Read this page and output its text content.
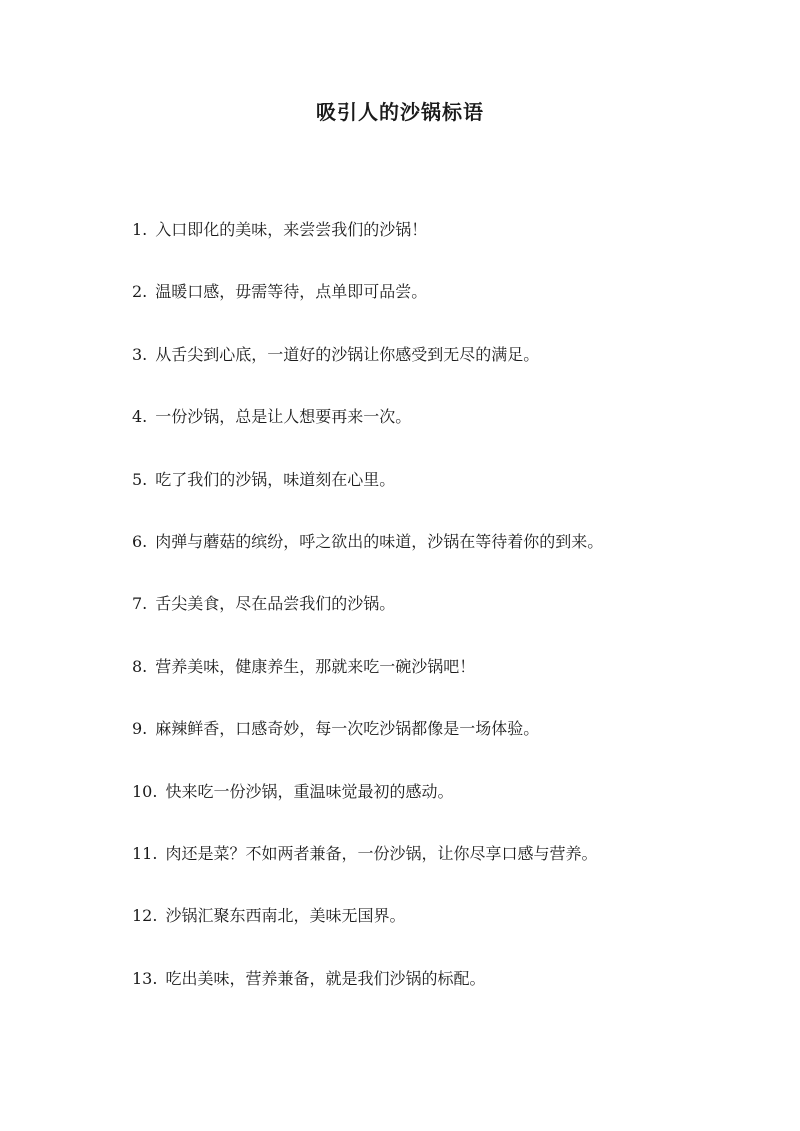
吸引人的沙锅标语
1. 入口即化的美味，来尝尝我们的沙锅！
2. 温暖口感，毋需等待，点单即可品尝。
3. 从舌尖到心底，一道好的沙锅让你感受到无尽的满足。
4. 一份沙锅，总是让人想要再来一次。
5. 吃了我们的沙锅，味道刻在心里。
6. 肉弹与蘑菇的缤纷，呼之欲出的味道，沙锅在等待着你的到来。
7. 舌尖美食，尽在品尝我们的沙锅。
8. 营养美味，健康养生，那就来吃一碗沙锅吧！
9. 麻辣鲜香，口感奇妙，每一次吃沙锅都像是一场体验。
10. 快来吃一份沙锅，重温味觉最初的感动。
11. 肉还是菜？不如两者兼备，一份沙锅，让你尽享口感与营养。
12. 沙锅汇聚东西南北，美味无国界。
13. 吃出美味，营养兼备，就是我们沙锅的标配。
